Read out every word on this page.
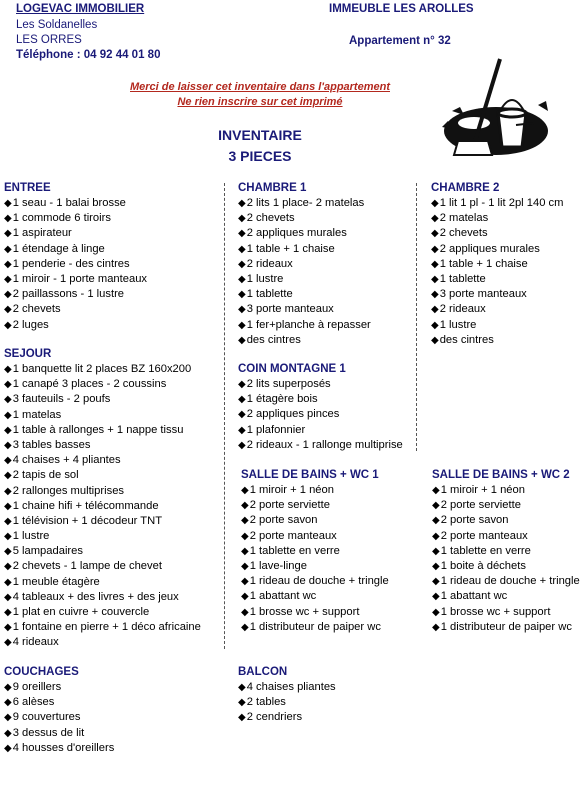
LOGEVAC IMMOBILIER
Les Soldanelles
LES ORRES
Téléphone : 04 92 44 01 80
IMMEUBLE LES AROLLES
Appartement n° 32
Merci de laisser cet inventaire dans l'appartement
Ne rien inscrire sur cet imprimé
INVENTAIRE
3 PIECES
ENTREE
◆1 seau - 1 balai brosse
◆1 commode 6 tiroirs
◆1 aspirateur
◆1 étendage à linge
◆1 penderie - des cintres
◆1 miroir - 1 porte manteaux
◆2 paillassons - 1 lustre
◆2 chevets
◆2 luges
SEJOUR
◆1 banquette lit 2 places BZ 160x200
◆1 canapé 3 places - 2 coussins
◆3 fauteuils - 2 poufs
◆1 matelas
◆1 table à rallonges + 1 nappe tissu
◆3 tables basses
◆4 chaises + 4 pliantes
◆2 tapis de sol
◆2 rallonges multiprises
◆1 chaine hifi + télécommande
◆1 télévision + 1 décodeur TNT
◆1 lustre
◆5 lampadaires
◆2 chevets - 1 lampe de chevet
◆1 meuble étagère
◆4 tableaux + des livres + des jeux
◆1 plat en cuivre + couvercle
◆1 fontaine en pierre + 1 déco africaine
◆4 rideaux
COUCHAGES
◆9 oreillers
◆6 alèses
◆9 couvertures
◆3 dessus de lit
◆4 housses d'oreillers
CHAMBRE 1
◆2 lits 1 place- 2 matelas
◆2 chevets
◆2 appliques murales
◆1 table + 1 chaise
◆2 rideaux
◆1 lustre
◆1 tablette
◆3 porte manteaux
◆1 fer+planche à repasser
◆des cintres
COIN MONTAGNE 1
◆2 lits superposés
◆1 étagère bois
◆2 appliques pinces
◆1 plafonnier
◆2 rideaux - 1 rallonge multiprise
SALLE DE BAINS + WC 1
◆1 miroir + 1 néon
◆2 porte serviette
◆2 porte savon
◆2 porte manteaux
◆1 tablette en verre
◆1 lave-linge
◆1 rideau de douche + tringle
◆1 abattant wc
◆1 brosse wc + support
◆1 distributeur de paiper wc
BALCON
◆4 chaises pliantes
◆2 tables
◆2 cendriers
CHAMBRE 2
◆1 lit 1 pl - 1 lit 2pl 140 cm
◆2 matelas
◆2 chevets
◆2 appliques murales
◆1 table + 1 chaise
◆1 tablette
◆3 porte manteaux
◆2 rideaux
◆1 lustre
◆des cintres
SALLE DE BAINS + WC 2
◆1 miroir + 1 néon
◆2 porte serviette
◆2 porte savon
◆2 porte manteaux
◆1 tablette en verre
◆1 boite à déchets
◆1 rideau de douche + tringle
◆1 abattant wc
◆1 brosse wc + support
◆1 distributeur de paiper wc
